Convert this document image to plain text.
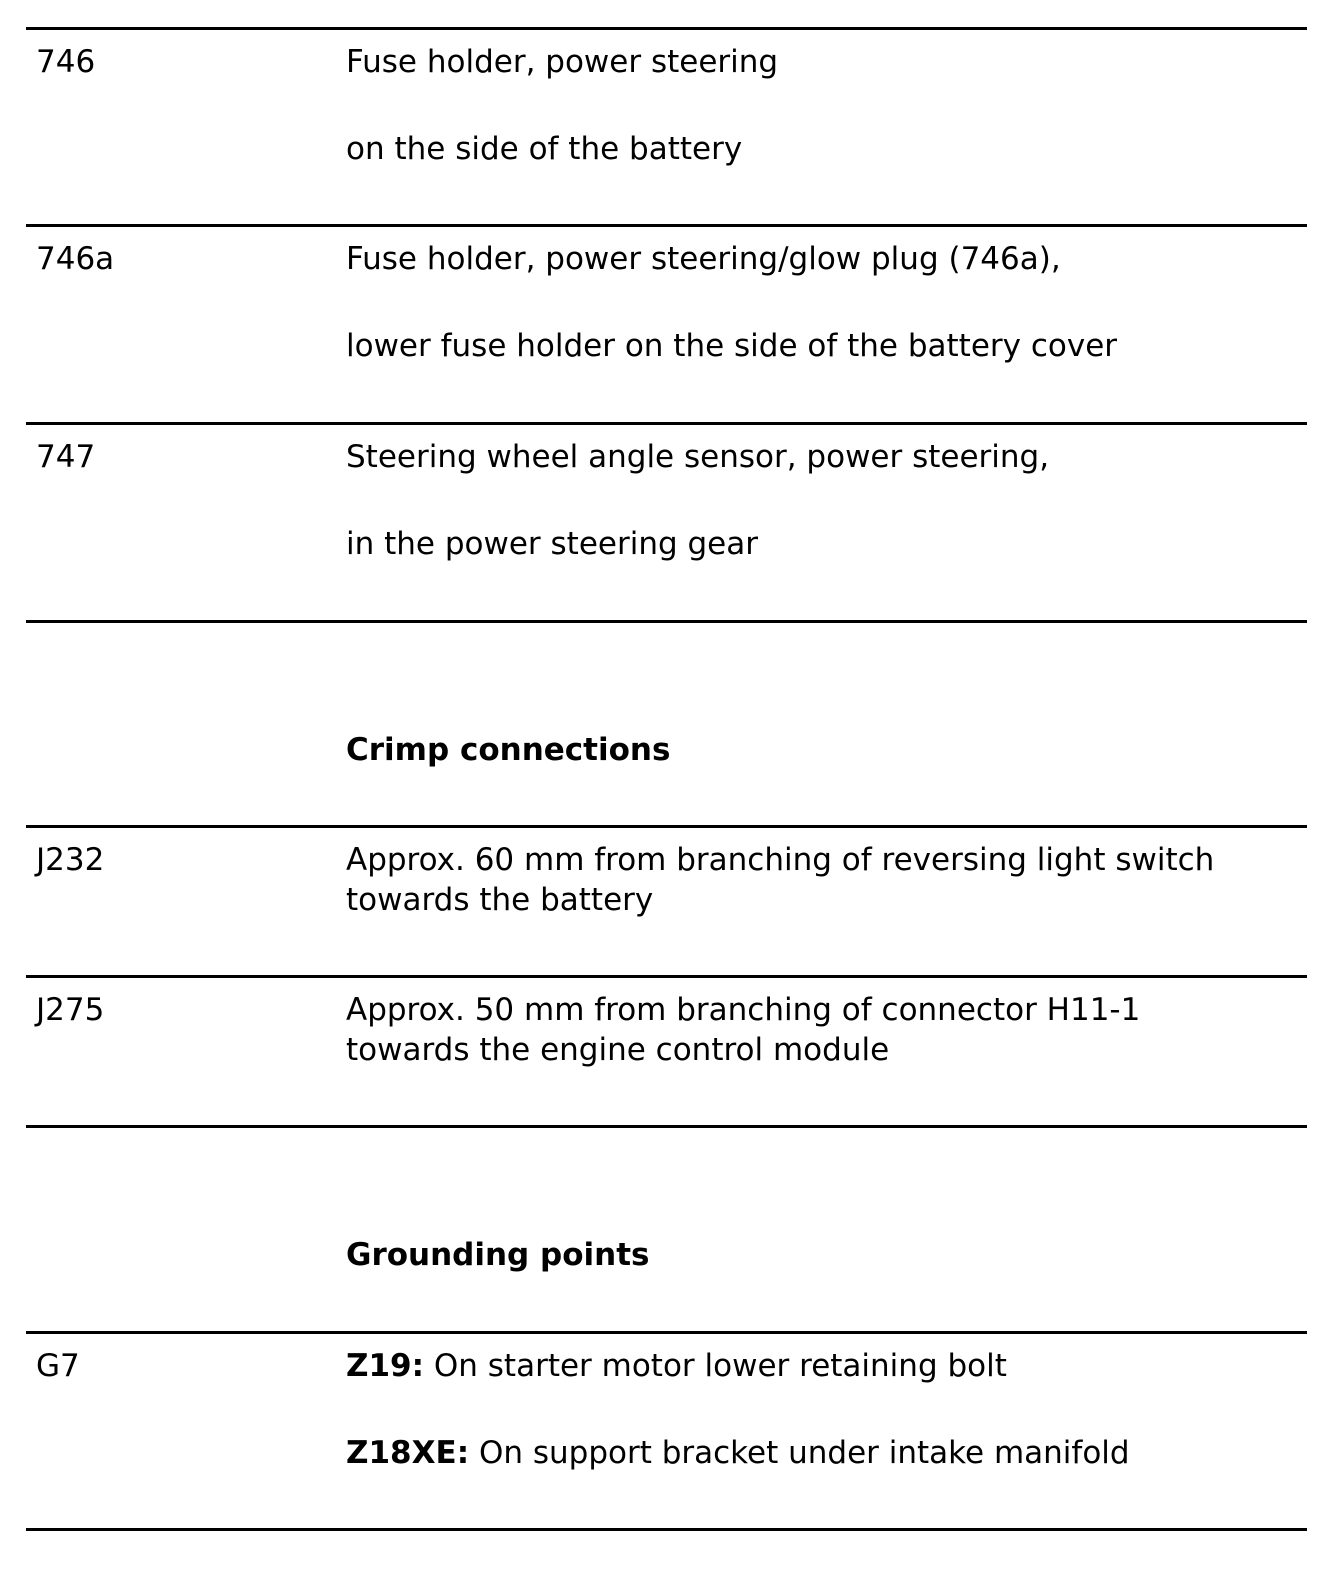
746	Fuse holder, power steering
on the side of the battery
746a	Fuse holder, power steering/glow plug (746a),
lower fuse holder on the side of the battery cover
747	Steering wheel angle sensor, power steering,
in the power steering gear
Crimp connections
J232	Approx. 60 mm from branching of reversing light switch
towards the battery
J275	Approx. 50 mm from branching of connector H11-1
towards the engine control module
Grounding points
G7	Z19: On starter motor lower retaining bolt
Z18XE: On support bracket under intake manifold
